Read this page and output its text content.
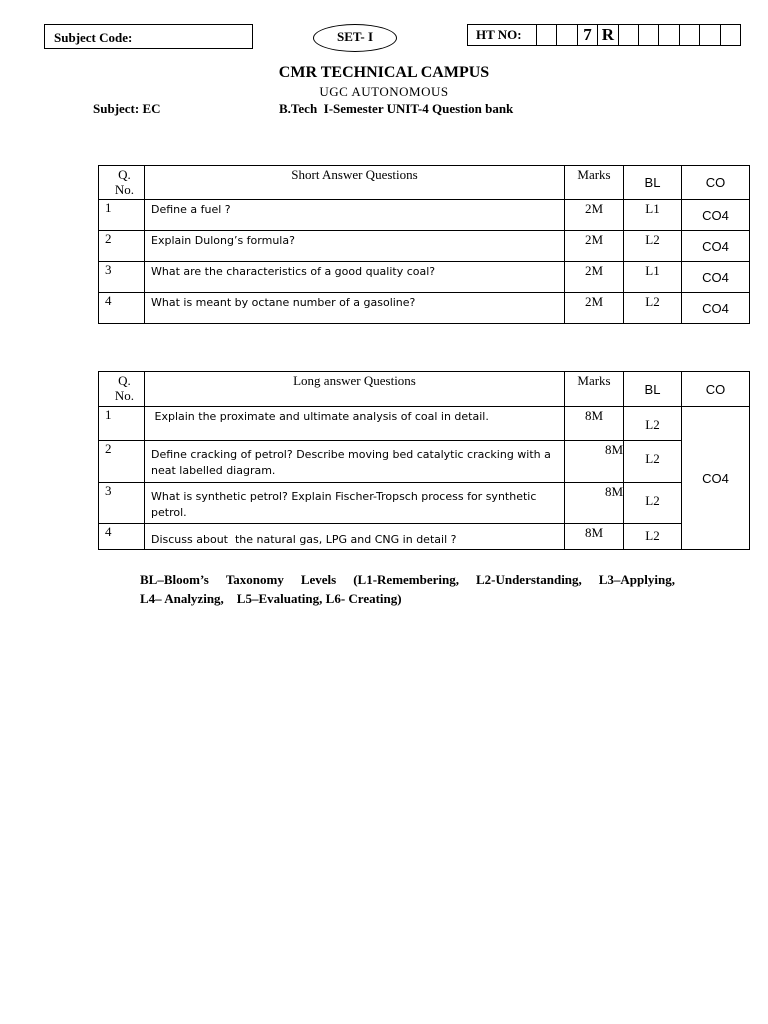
Subject Code:	SET- I	HT NO:	7 R
CMR TECHNICAL CAMPUS
UGC AUTONOMOUS
Subject: EC	B.Tech  I-Semester UNIT-4 Question bank
Q.
No.	Short Answer Questions	Marks	BL	CO
1	Define a fuel ?	2M	L1	CO4
2	Explain Dulong’s formula?	2M	L2	CO4
3	What are the characteristics of a good quality coal?	2M	L1	CO4
4	What is meant by octane number of a gasoline?	2M	L2	CO4
Q.
No.	Long answer Questions	Marks	BL	CO
1	Explain the proximate and ultimate analysis of coal in detail.	8M	L2	CO4
2	Define cracking of petrol? Describe moving bed catalytic cracking with a neat labelled diagram.	8M	L2	
3	What is synthetic petrol? Explain Fischer-Tropsch process for synthetic petrol.	8M	L2	
4	Discuss about  the natural gas, LPG and CNG in detail ?	8M	L2	
BL–Bloom’s Taxonomy Levels (L1-Remembering, L2-Understanding, L3–Applying,
L4– Analyzing,    L5–Evaluating, L6- Creating)
